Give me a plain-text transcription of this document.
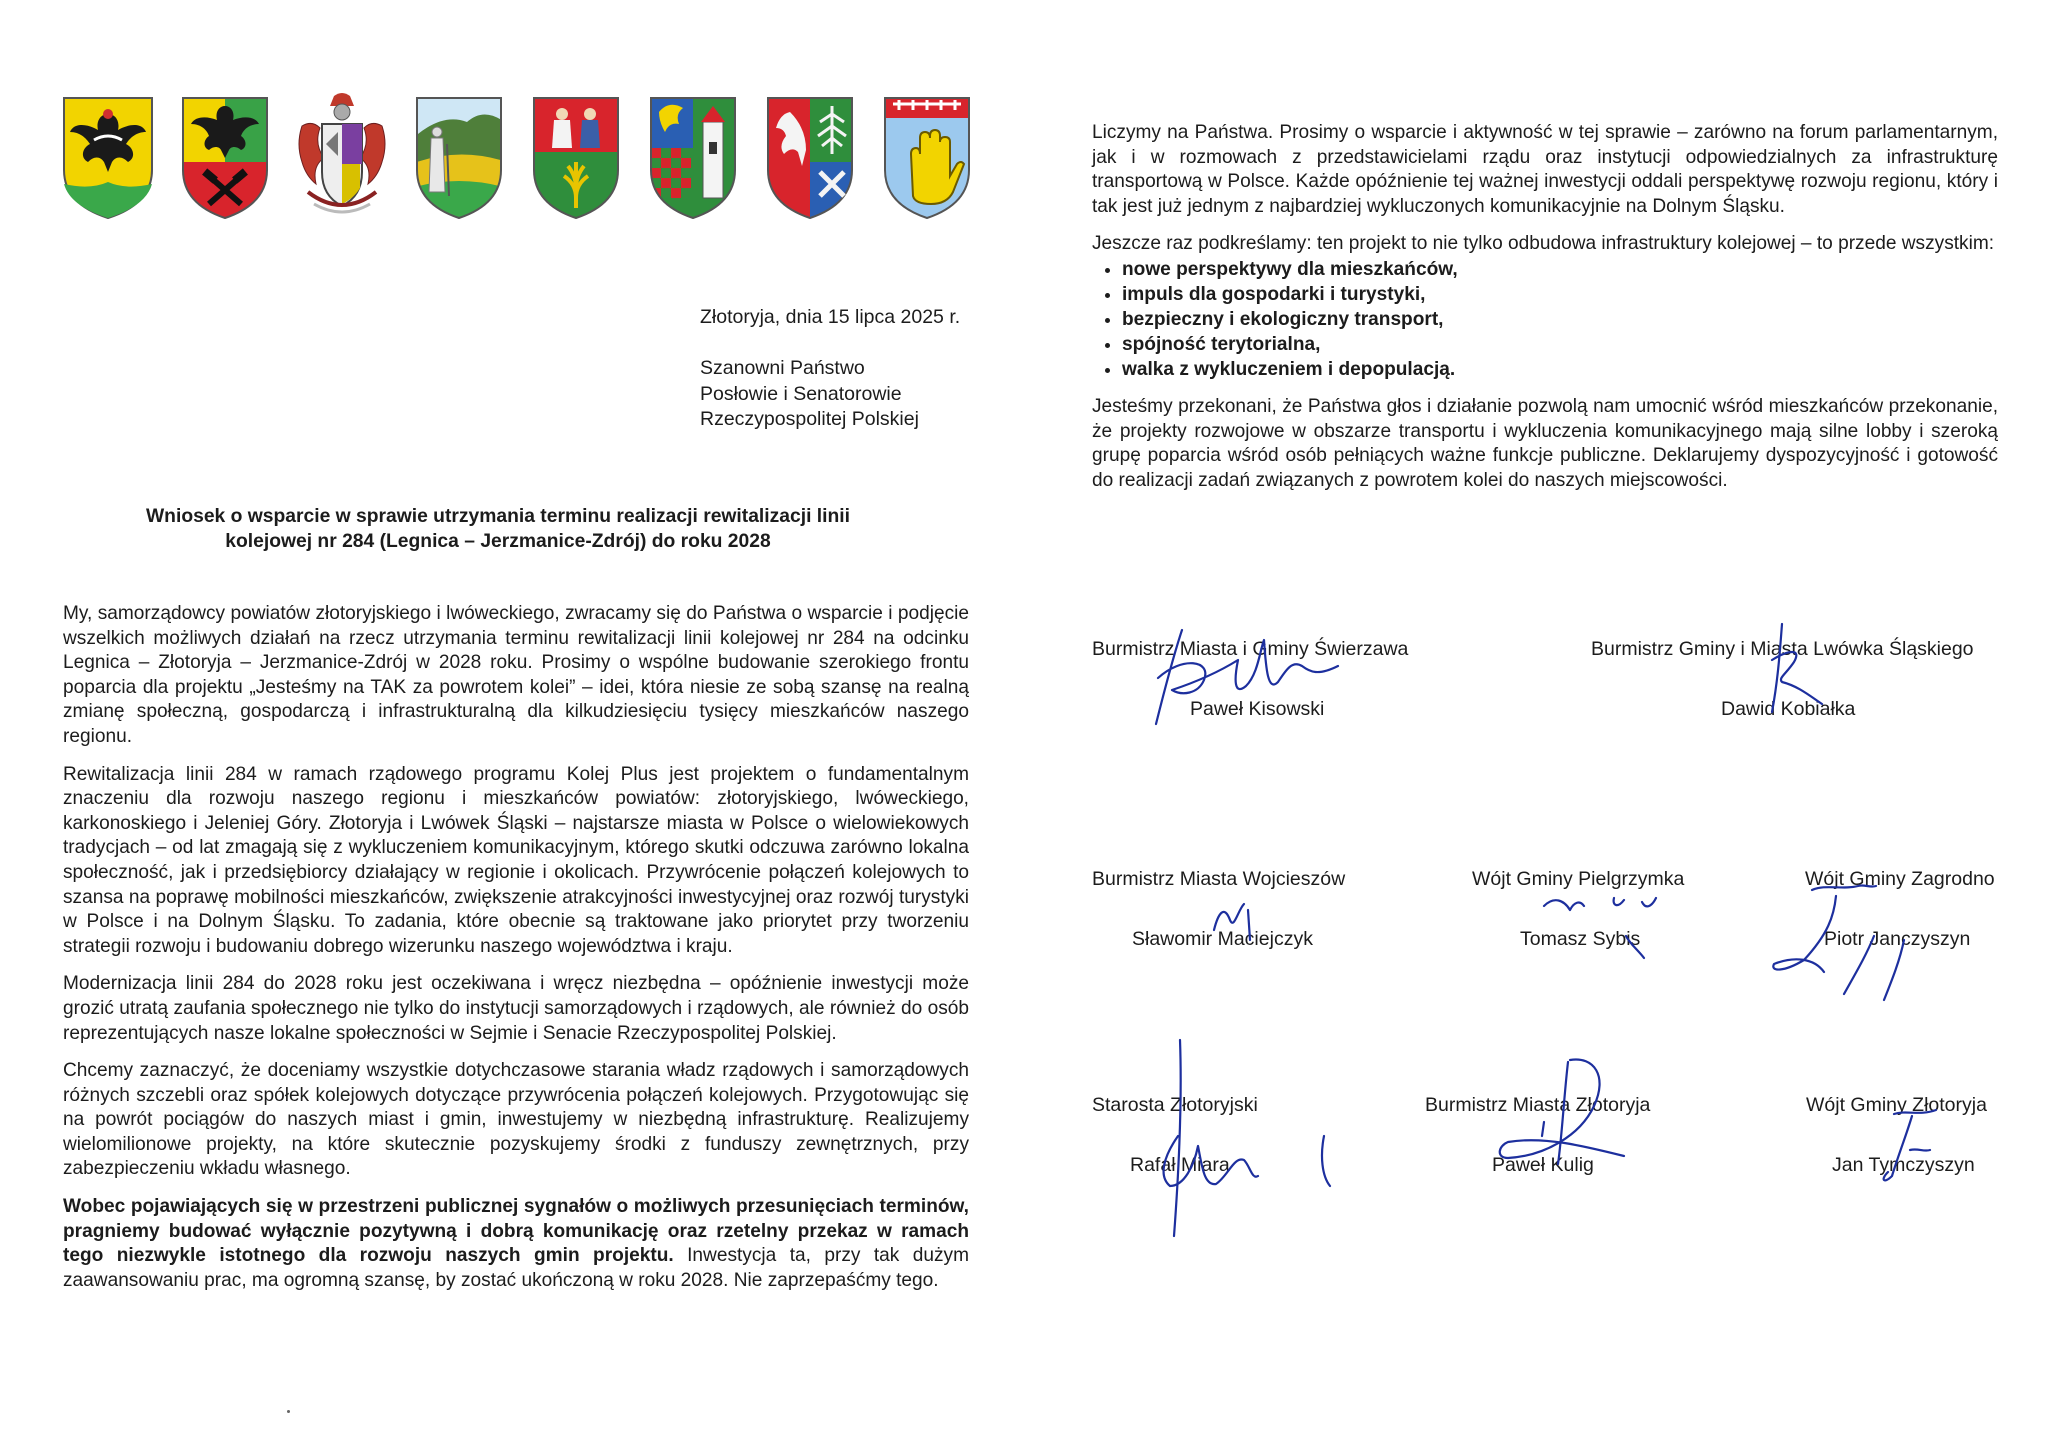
Złotoryja, dnia 15 lipca 2025 r.
Szanowni Państwo
Posłowie i Senatorowie
Rzeczypospolitej Polskiej
Wniosek o wsparcie w sprawie utrzymania terminu realizacji rewitalizacji linii
kolejowej nr 284 (Legnica – Jerzmanice-Zdrój) do roku 2028

My, samorządowcy powiatów złotoryjskiego i lwóweckiego, zwracamy się do Państwa o wsparcie i podjęcie wszelkich możliwych działań na rzecz utrzymania terminu rewitalizacji linii kolejowej nr 284 na odcinku Legnica – Złotoryja – Jerzmanice-Zdrój w 2028 roku. Prosimy o wspólne budowanie szerokiego frontu poparcia dla projektu „Jesteśmy na TAK za powrotem kolei” – idei, która niesie ze sobą szansę na realną zmianę społeczną, gospodarczą i infrastrukturalną dla kilkudziesięciu tysięcy mieszkańców naszego regionu.

Rewitalizacja linii 284 w ramach rządowego programu Kolej Plus jest projektem o fundamentalnym znaczeniu dla rozwoju naszego regionu i mieszkańców powiatów: złotoryjskiego, lwóweckiego, karkonoskiego i Jeleniej Góry. Złotoryja i Lwówek Śląski – najstarsze miasta w Polsce o wielowiekowych tradycjach – od lat zmagają się z wykluczeniem komunikacyjnym, którego skutki odczuwa zarówno lokalna społeczność, jak i przedsiębiorcy działający w regionie i okolicach. Przywrócenie połączeń kolejowych to szansa na poprawę mobilności mieszkańców, zwiększenie atrakcyjności inwestycyjnej oraz rozwój turystyki w Polsce i na Dolnym Śląsku. To zadania, które obecnie są traktowane jako priorytet przy tworzeniu strategii rozwoju i budowaniu dobrego wizerunku naszego województwa i kraju.

Modernizacja linii 284 do 2028 roku jest oczekiwana i wręcz niezbędna – opóźnienie inwestycji może grozić utratą zaufania społecznego nie tylko do instytucji samorządowych i rządowych, ale również do osób reprezentujących nasze lokalne społeczności w Sejmie i Senacie Rzeczypospolitej Polskiej.

Chcemy zaznaczyć, że doceniamy wszystkie dotychczasowe starania władz rządowych i samorządowych różnych szczebli oraz spółek kolejowych dotyczące przywrócenia połączeń kolejowych. Przygotowując się na powrót pociągów do naszych miast i gmin, inwestujemy w niezbędną infrastrukturę. Realizujemy wielomilionowe projekty, na które skutecznie pozyskujemy środki z funduszy zewnętrznych, przy zabezpieczeniu wkładu własnego.

Wobec pojawiających się w przestrzeni publicznej sygnałów o możliwych przesunięciach terminów, pragniemy budować wyłącznie pozytywną i dobrą komunikację oraz rzetelny przekaz w ramach tego niezwykle istotnego dla rozwoju naszych gmin projektu. Inwestycja ta, przy tak dużym zaawansowaniu prac, ma ogromną szansę, by zostać ukończoną w roku 2028. Nie zaprzepaśćmy tego.

Liczymy na Państwa. Prosimy o wsparcie i aktywność w tej sprawie – zarówno na forum parlamentarnym, jak i w rozmowach z przedstawicielami rządu oraz instytucji odpowiedzialnych za infrastrukturę transportową w Polsce. Każde opóźnienie tej ważnej inwestycji oddali perspektywę rozwoju regionu, który i tak jest już jednym z najbardziej wykluczonych komunikacyjnie na Dolnym Śląsku.

Jeszcze raz podkreślamy: ten projekt to nie tylko odbudowa infrastruktury kolejowej – to przede wszystkim:

• nowe perspektywy dla mieszkańców,
• impuls dla gospodarki i turystyki,
• bezpieczny i ekologiczny transport,
• spójność terytorialna,
• walka z wykluczeniem i depopulacją.

Jesteśmy przekonani, że Państwa głos i działanie pozwolą nam umocnić wśród mieszkańców przekonanie, że projekty rozwojowe w obszarze transportu i wykluczenia komunikacyjnego mają silne lobby i szeroką grupę poparcia wśród osób pełniących ważne funkcje publiczne. Deklarujemy dyspozycyjność i gotowość do realizacji zadań związanych z powrotem kolei do naszych miejscowości.

Burmistrz Miasta i Gminy Świerzawa
Paweł Kisowski
Burmistrz Gminy i Miasta Lwówka Śląskiego
Dawid Kobiałka
Burmistrz Miasta Wojcieszów
Sławomir Maciejczyk
Wójt Gminy Pielgrzymka
Tomasz Sybis
Wójt Gminy Zagrodno
Piotr Janczyszyn
Starosta Złotoryjski
Rafał Miara
Burmistrz Miasta Złotoryja
Paweł Kulig
Wójt Gminy Złotoryja
Jan Tymczyszyn
